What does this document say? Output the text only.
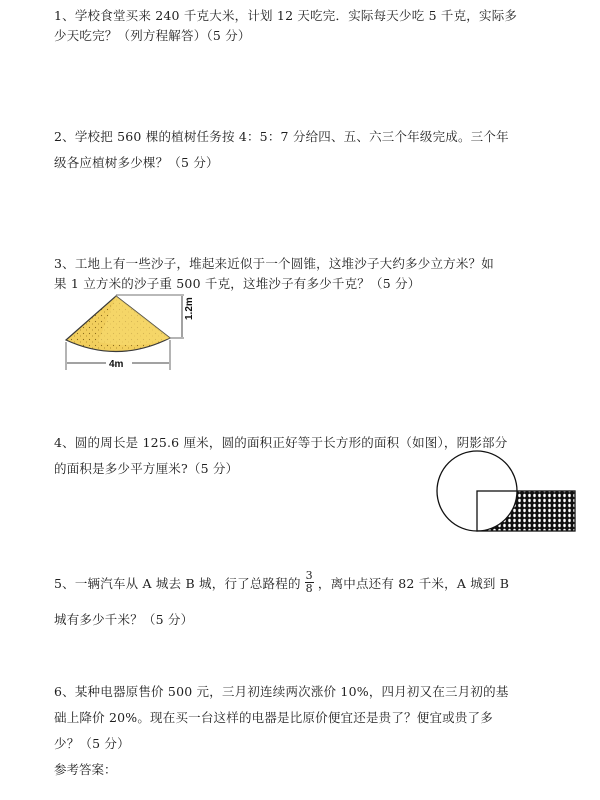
1、学校食堂买来 240 千克大米，计划 12 天吃完．实际每天少吃 5 千克，实际多
少天吃完？（列方程解答）（5 分）
2、学校把 560 棵的植树任务按 4：5：7 分给四、五、六三个年级完成。三个年
级各应植树多少棵？（5 分）
3、工地上有一些沙子，堆起来近似于一个圆锥，这堆沙子大约多少立方米？如
果 1 立方米的沙子重 500 千克，这堆沙子有多少千克？（5 分）
1.2m
4m
4、圆的周长是 125.6 厘米，圆的面积正好等于长方形的面积（如图），阴影部分
的面积是多少平方厘米?（5 分）
5、一辆汽车从 A 城去 B 城，行了总路程的 $\frac{3}{8}$ ，离中点还有 82 千米，A 城到 B
城有多少千米？（5 分）
6、某种电器原售价 500 元，三月初连续两次涨价 10%，四月初又在三月初的基
础上降价 20%。现在买一台这样的电器是比原价便宜还是贵了？便宜或贵了多
少？（5 分）
参考答案：
